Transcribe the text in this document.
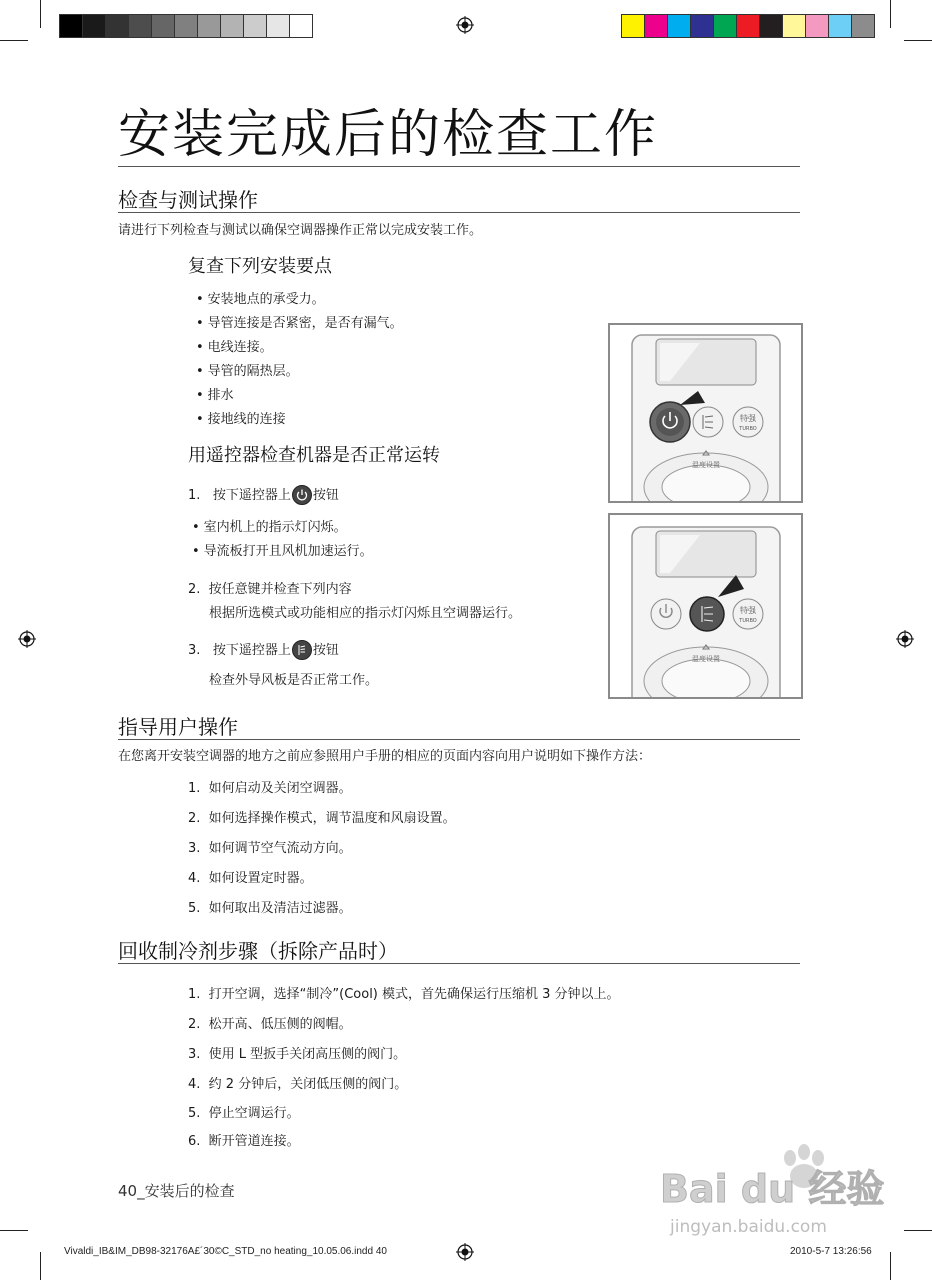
安装完成后的检查工作
检查与测试操作
请进行下列检查与测试以确保空调器操作正常以完成安装工作。
复查下列安装要点
• 安装地点的承受力。
• 导管连接是否紧密，是否有漏气。
• 电线连接。
• 导管的隔热层。
• 排水
• 接地线的连接
用遥控器检查机器是否正常运转
1. 按下遥控器上 按钮
• 室内机上的指示灯闪烁。
• 导流板打开且风机加速运行。
2. 按任意键并检查下列内容
根据所选模式或功能相应的指示灯闪烁且空调器运行。
3. 按下遥控器上 按钮
检查外导风板是否正常工作。
特强
TURBO
温度设置
特强
TURBO
温度设置
指导用户操作
在您离开安装空调器的地方之前应参照用户手册的相应的页面内容向用户说明如下操作方法：
1. 如何启动及关闭空调器。
2. 如何选择操作模式，调节温度和风扇设置。
3. 如何调节空气流动方向。
4. 如何设置定时器。
5. 如何取出及清洁过滤器。
回收制冷剂步骤（拆除产品时）
1. 打开空调，选择“制冷”(Cool) 模式，首先确保运行压缩机 3 分钟以上。
2. 松开高、低压侧的阀帽。
3. 使用 L 型扳手关闭高压侧的阀门。
4. 约 2 分钟后，关闭低压侧的阀门。
5. 停止空调运行。
6. 断开管道连接。
40_安装后的检查	Bai du 经验
jingyan.baidu.com
Vivaldi_IB&IM_DB98-32176A£´30©C_STD_no heating_10.05.06.indd 40	2010-5-7 13:26:56
